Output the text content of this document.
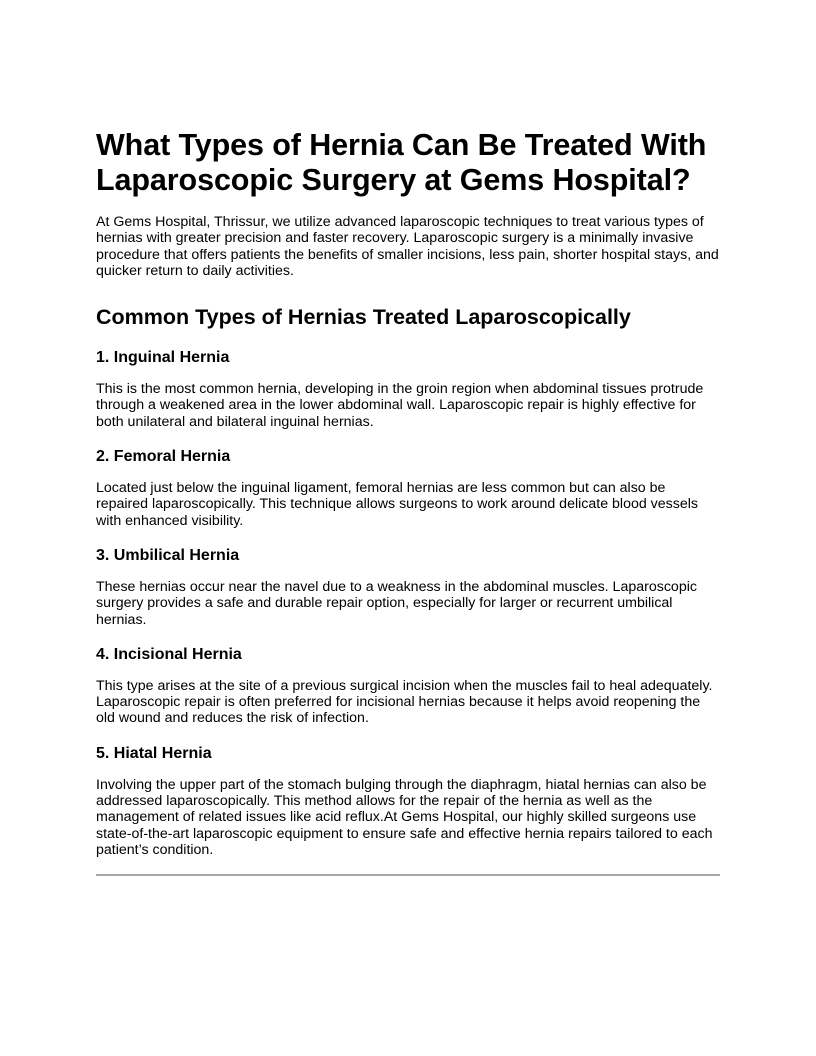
What Types of Hernia Can Be Treated With Laparoscopic Surgery at Gems Hospital?

At Gems Hospital, Thrissur, we utilize advanced laparoscopic techniques to treat various types of hernias with greater precision and faster recovery. Laparoscopic surgery is a minimally invasive procedure that offers patients the benefits of smaller incisions, less pain, shorter hospital stays, and quicker return to daily activities.

Common Types of Hernias Treated Laparoscopically
1. Inguinal Hernia

This is the most common hernia, developing in the groin region when abdominal tissues protrude through a weakened area in the lower abdominal wall. Laparoscopic repair is highly effective for both unilateral and bilateral inguinal hernias.

2. Femoral Hernia

Located just below the inguinal ligament, femoral hernias are less common but can also be repaired laparoscopically. This technique allows surgeons to work around delicate blood vessels with enhanced visibility.

3. Umbilical Hernia

These hernias occur near the navel due to a weakness in the abdominal muscles. Laparoscopic surgery provides a safe and durable repair option, especially for larger or recurrent umbilical hernias.

4. Incisional Hernia

This type arises at the site of a previous surgical incision when the muscles fail to heal adequately. Laparoscopic repair is often preferred for incisional hernias because it helps avoid reopening the old wound and reduces the risk of infection.

5. Hiatal Hernia

Involving the upper part of the stomach bulging through the diaphragm, hiatal hernias can also be addressed laparoscopically. This method allows for the repair of the hernia as well as the management of related issues like acid reflux.At Gems Hospital, our highly skilled surgeons use state-of-the-art laparoscopic equipment to ensure safe and effective hernia repairs tailored to each patient’s condition.
